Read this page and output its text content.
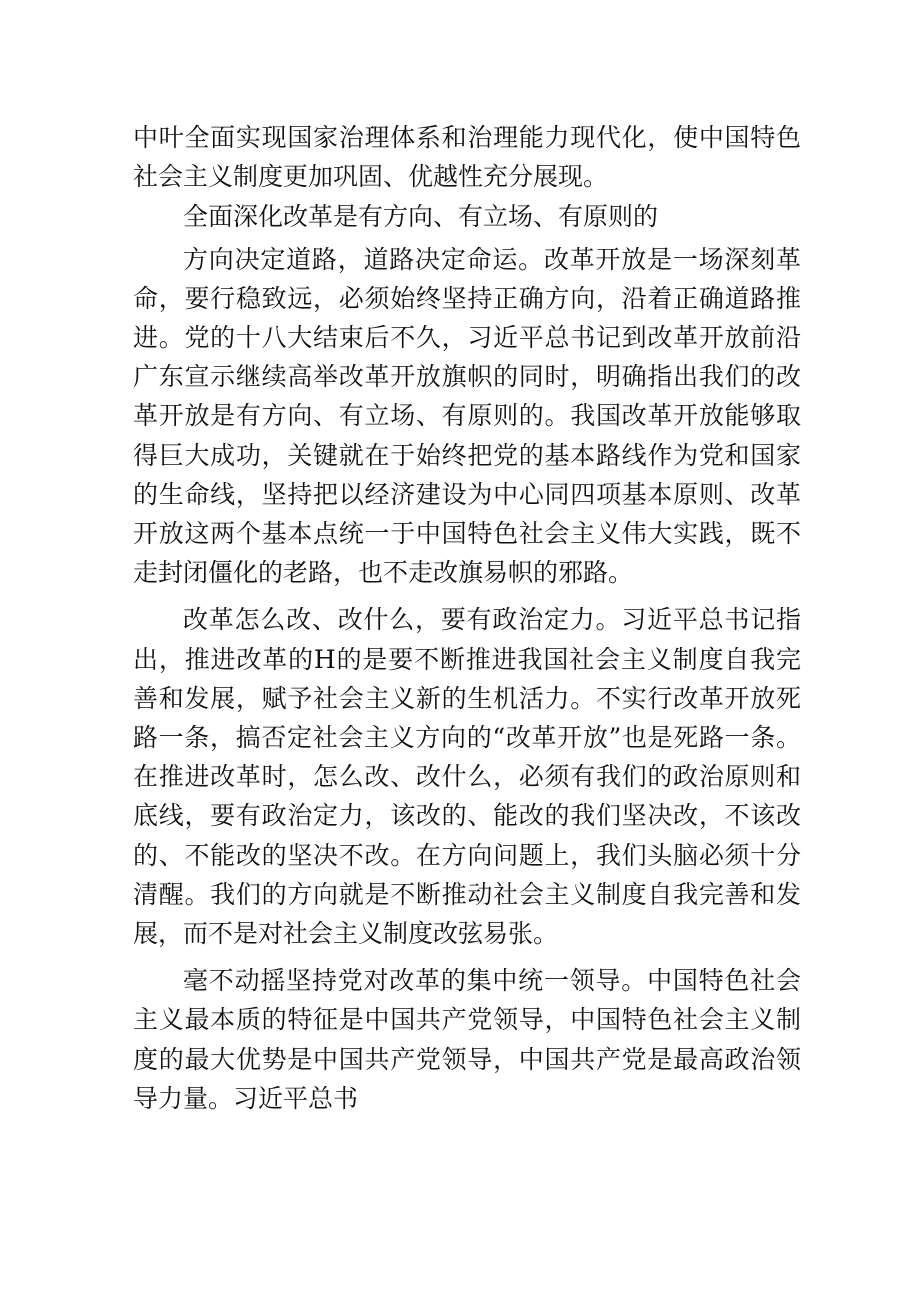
中叶全面实现国家治理体系和治理能力现代化，使中国特色社会主义制度更加巩固、优越性充分展现。

全面深化改革是有方向、有立场、有原则的

方向决定道路，道路决定命运。改革开放是一场深刻革命，要行稳致远，必须始终坚持正确方向，沿着正确道路推进。党的十八大结束后不久，习近平总书记到改革开放前沿广东宣示继续高举改革开放旗帜的同时，明确指出我们的改革开放是有方向、有立场、有原则的。我国改革开放能够取得巨大成功，关键就在于始终把党的基本路线作为党和国家的生命线，坚持把以经济建设为中心同四项基本原则、改革开放这两个基本点统一于中国特色社会主义伟大实践，既不走封闭僵化的老路，也不走改旗易帜的邪路。

改革怎么改、改什么，要有政治定力。习近平总书记指出，推进改革的H的是要不断推进我国社会主义制度自我完善和发展，赋予社会主义新的生机活力。不实行改革开放死路一条，搞否定社会主义方向的“改革开放”也是死路一条。在推进改革时，怎么改、改什么，必须有我们的政治原则和底线，要有政治定力，该改的、能改的我们坚决改，不该改的、不能改的坚决不改。在方向问题上，我们头脑必须十分清醒。我们的方向就是不断推动社会主义制度自我完善和发展，而不是对社会主义制度改弦易张。

毫不动摇坚持党对改革的集中统一领导。中国特色社会主义最本质的特征是中国共产党领导，中国特色社会主义制度的最大优势是中国共产党领导，中国共产党是最高政治领导力量。习近平总书
